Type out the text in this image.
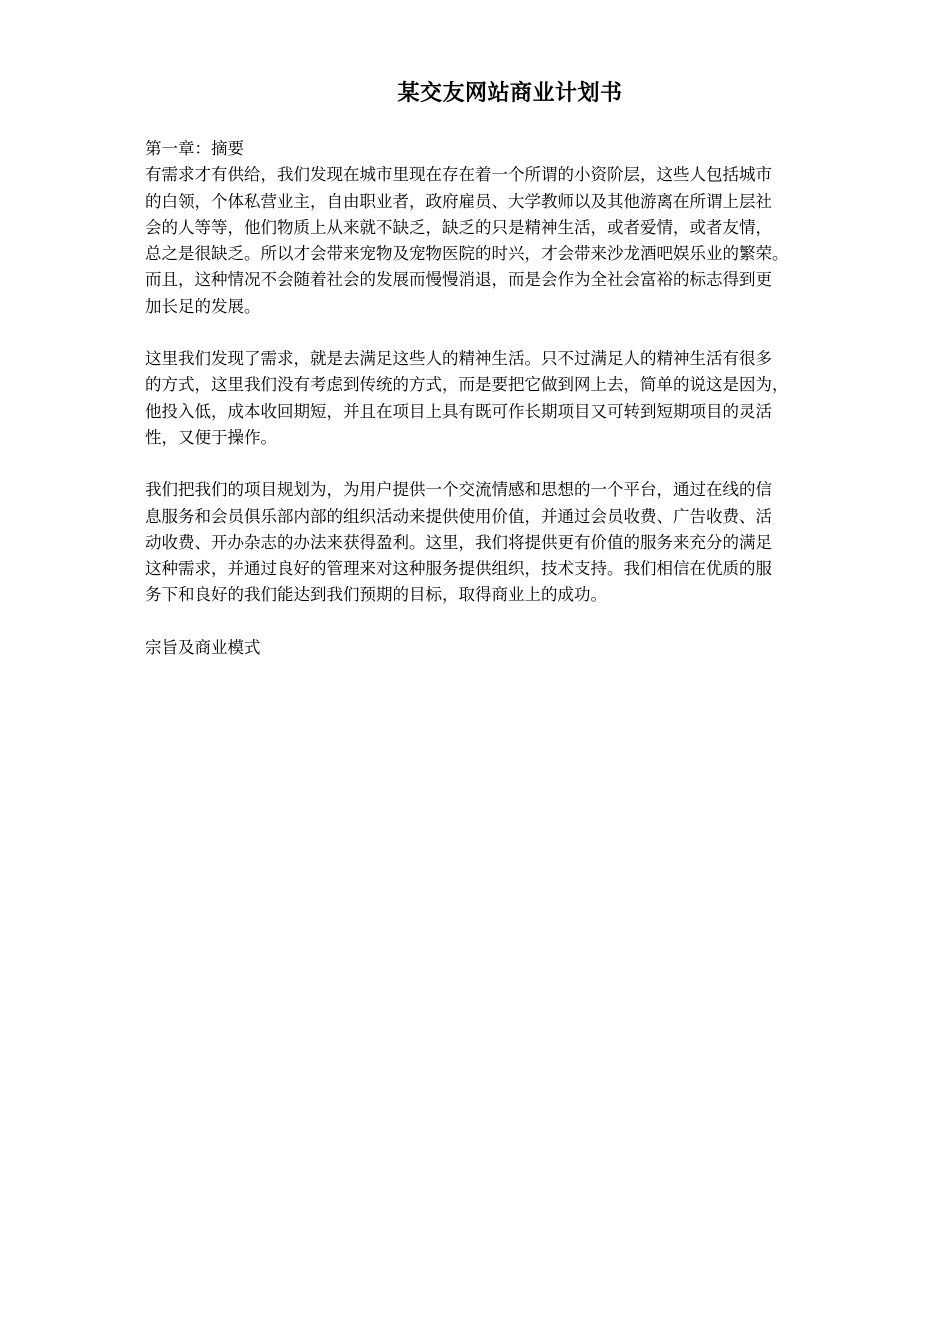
某交友网站商业计划书

第一章：摘要

有需求才有供给，我们发现在城市里现在存在着一个所谓的小资阶层，这些人包括城市

的白领，个体私营业主，自由职业者，政府雇员、大学教师以及其他游离在所谓上层社

会的人等等，他们物质上从来就不缺乏，缺乏的只是精神生活，或者爱情，或者友情，

总之是很缺乏。所以才会带来宠物及宠物医院的时兴，才会带来沙龙酒吧娱乐业的繁荣。

而且，这种情况不会随着社会的发展而慢慢消退，而是会作为全社会富裕的标志得到更

加长足的发展。

这里我们发现了需求，就是去满足这些人的精神生活。只不过满足人的精神生活有很多

的方式，这里我们没有考虑到传统的方式，而是要把它做到网上去，简单的说这是因为，

他投入低，成本收回期短，并且在项目上具有既可作长期项目又可转到短期项目的灵活

性，又便于操作。

我们把我们的项目规划为，为用户提供一个交流情感和思想的一个平台，通过在线的信

息服务和会员俱乐部内部的组织活动来提供使用价值，并通过会员收费、广告收费、活

动收费、开办杂志的办法来获得盈利。这里，我们将提供更有价值的服务来充分的满足

这种需求，并通过良好的管理来对这种服务提供组织，技术支持。我们相信在优质的服

务下和良好的我们能达到我们预期的目标，取得商业上的成功。

宗旨及商业模式
